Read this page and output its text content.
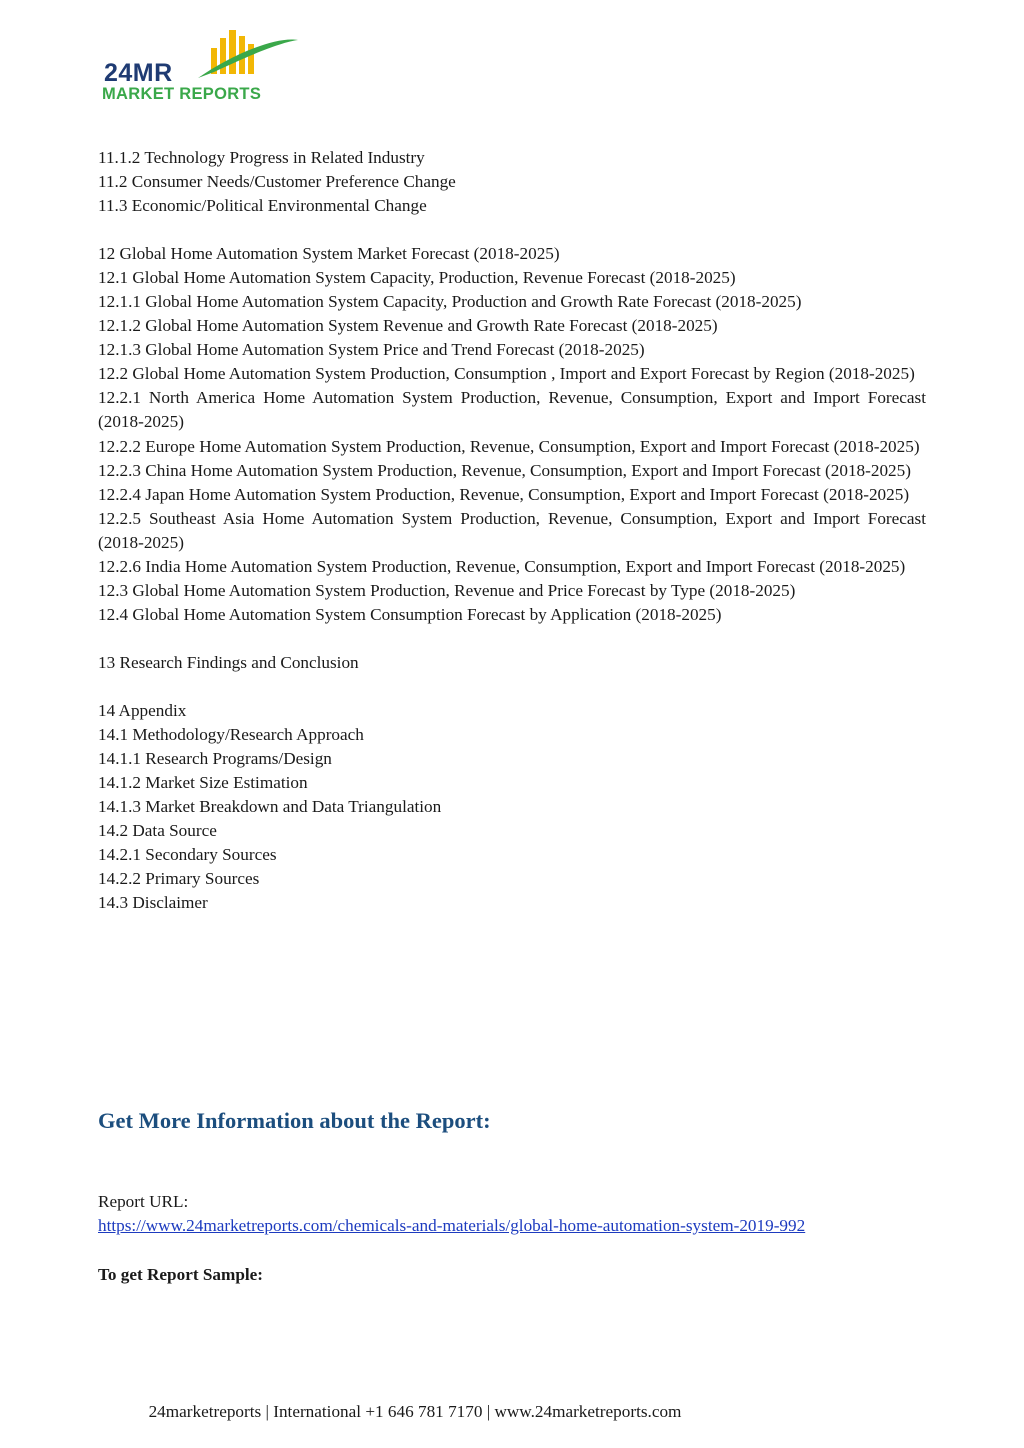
24MR
MARKET REPORTS

11.1.2 Technology Progress in Related Industry

11.2 Consumer Needs/Customer Preference Change

11.3 Economic/Political Environmental Change

12 Global Home Automation System Market Forecast (2018-2025)

12.1 Global Home Automation System Capacity, Production, Revenue Forecast (2018-2025)

12.1.1 Global Home Automation System Capacity, Production and Growth Rate Forecast (2018-2025)

12.1.2 Global Home Automation System Revenue and Growth Rate Forecast (2018-2025)

12.1.3 Global Home Automation System Price and Trend Forecast (2018-2025)

12.2 Global Home Automation System Production, Consumption , Import and Export Forecast by Region (2018-2025)

12.2.1 North America Home Automation System Production, Revenue, Consumption, Export and Import Forecast (2018-2025)

12.2.2 Europe Home Automation System Production, Revenue, Consumption, Export and Import Forecast (2018-2025)

12.2.3 China Home Automation System Production, Revenue, Consumption, Export and Import Forecast (2018-2025)

12.2.4 Japan Home Automation System Production, Revenue, Consumption, Export and Import Forecast (2018-2025)

12.2.5 Southeast Asia Home Automation System Production, Revenue, Consumption, Export and Import Forecast (2018-2025)

12.2.6 India Home Automation System Production, Revenue, Consumption, Export and Import Forecast (2018-2025)

12.3 Global Home Automation System Production, Revenue and Price Forecast by Type (2018-2025)

12.4 Global Home Automation System Consumption Forecast by Application (2018-2025)

13 Research Findings and Conclusion

14 Appendix

14.1 Methodology/Research Approach

14.1.1 Research Programs/Design

14.1.2 Market Size Estimation

14.1.3 Market Breakdown and Data Triangulation

14.2 Data Source

14.2.1 Secondary Sources

14.2.2 Primary Sources

14.3 Disclaimer

Get More Information about the Report:
Report URL:
https://www.24marketreports.com/chemicals-and-materials/global-home-automation-system-2019-992
To get Report Sample:
24marketreports | International +1 646 781 7170 | www.24marketreports.com
